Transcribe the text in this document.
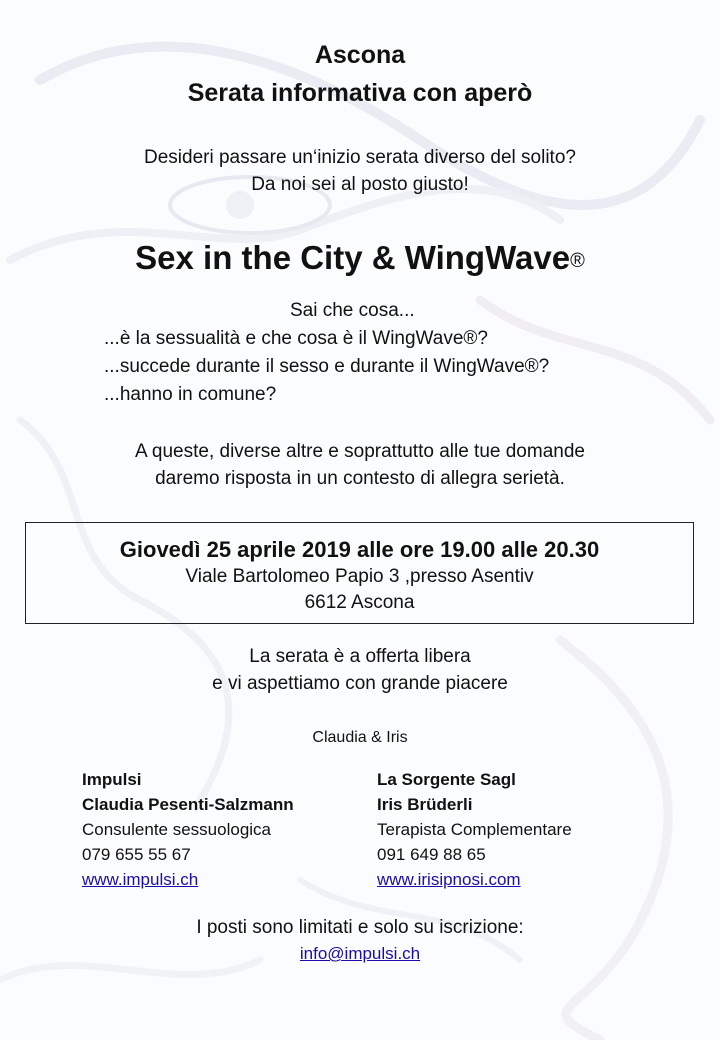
Ascona
Serata informativa con aperò
Desideri passare un‘inizio serata diverso del solito?
Da noi sei al posto giusto!
Sex in the City & WingWave®
Sai che cosa...
...è la sessualità e che cosa è il WingWave®?
...succede durante il sesso e durante il WingWave®?
...hanno in comune?
A queste, diverse altre e soprattutto alle tue domande
daremo risposta in un contesto di allegra serietà.
Giovedì 25 aprile 2019 alle ore 19.00 alle 20.30
Viale Bartolomeo Papio 3 ,presso Asentiv
6612 Ascona
La serata è a offerta libera
e vi aspettiamo con grande piacere
Claudia & Iris
Impulsi
Claudia Pesenti-Salzmann
Consulente sessuologica
079 655 55 67
www.impulsi.ch
La Sorgente Sagl
Iris Brüderli
Terapista Complementare
091 649 88 65
www.irisipnosi.com
I posti sono limitati e solo su iscrizione:
info@impulsi.ch
